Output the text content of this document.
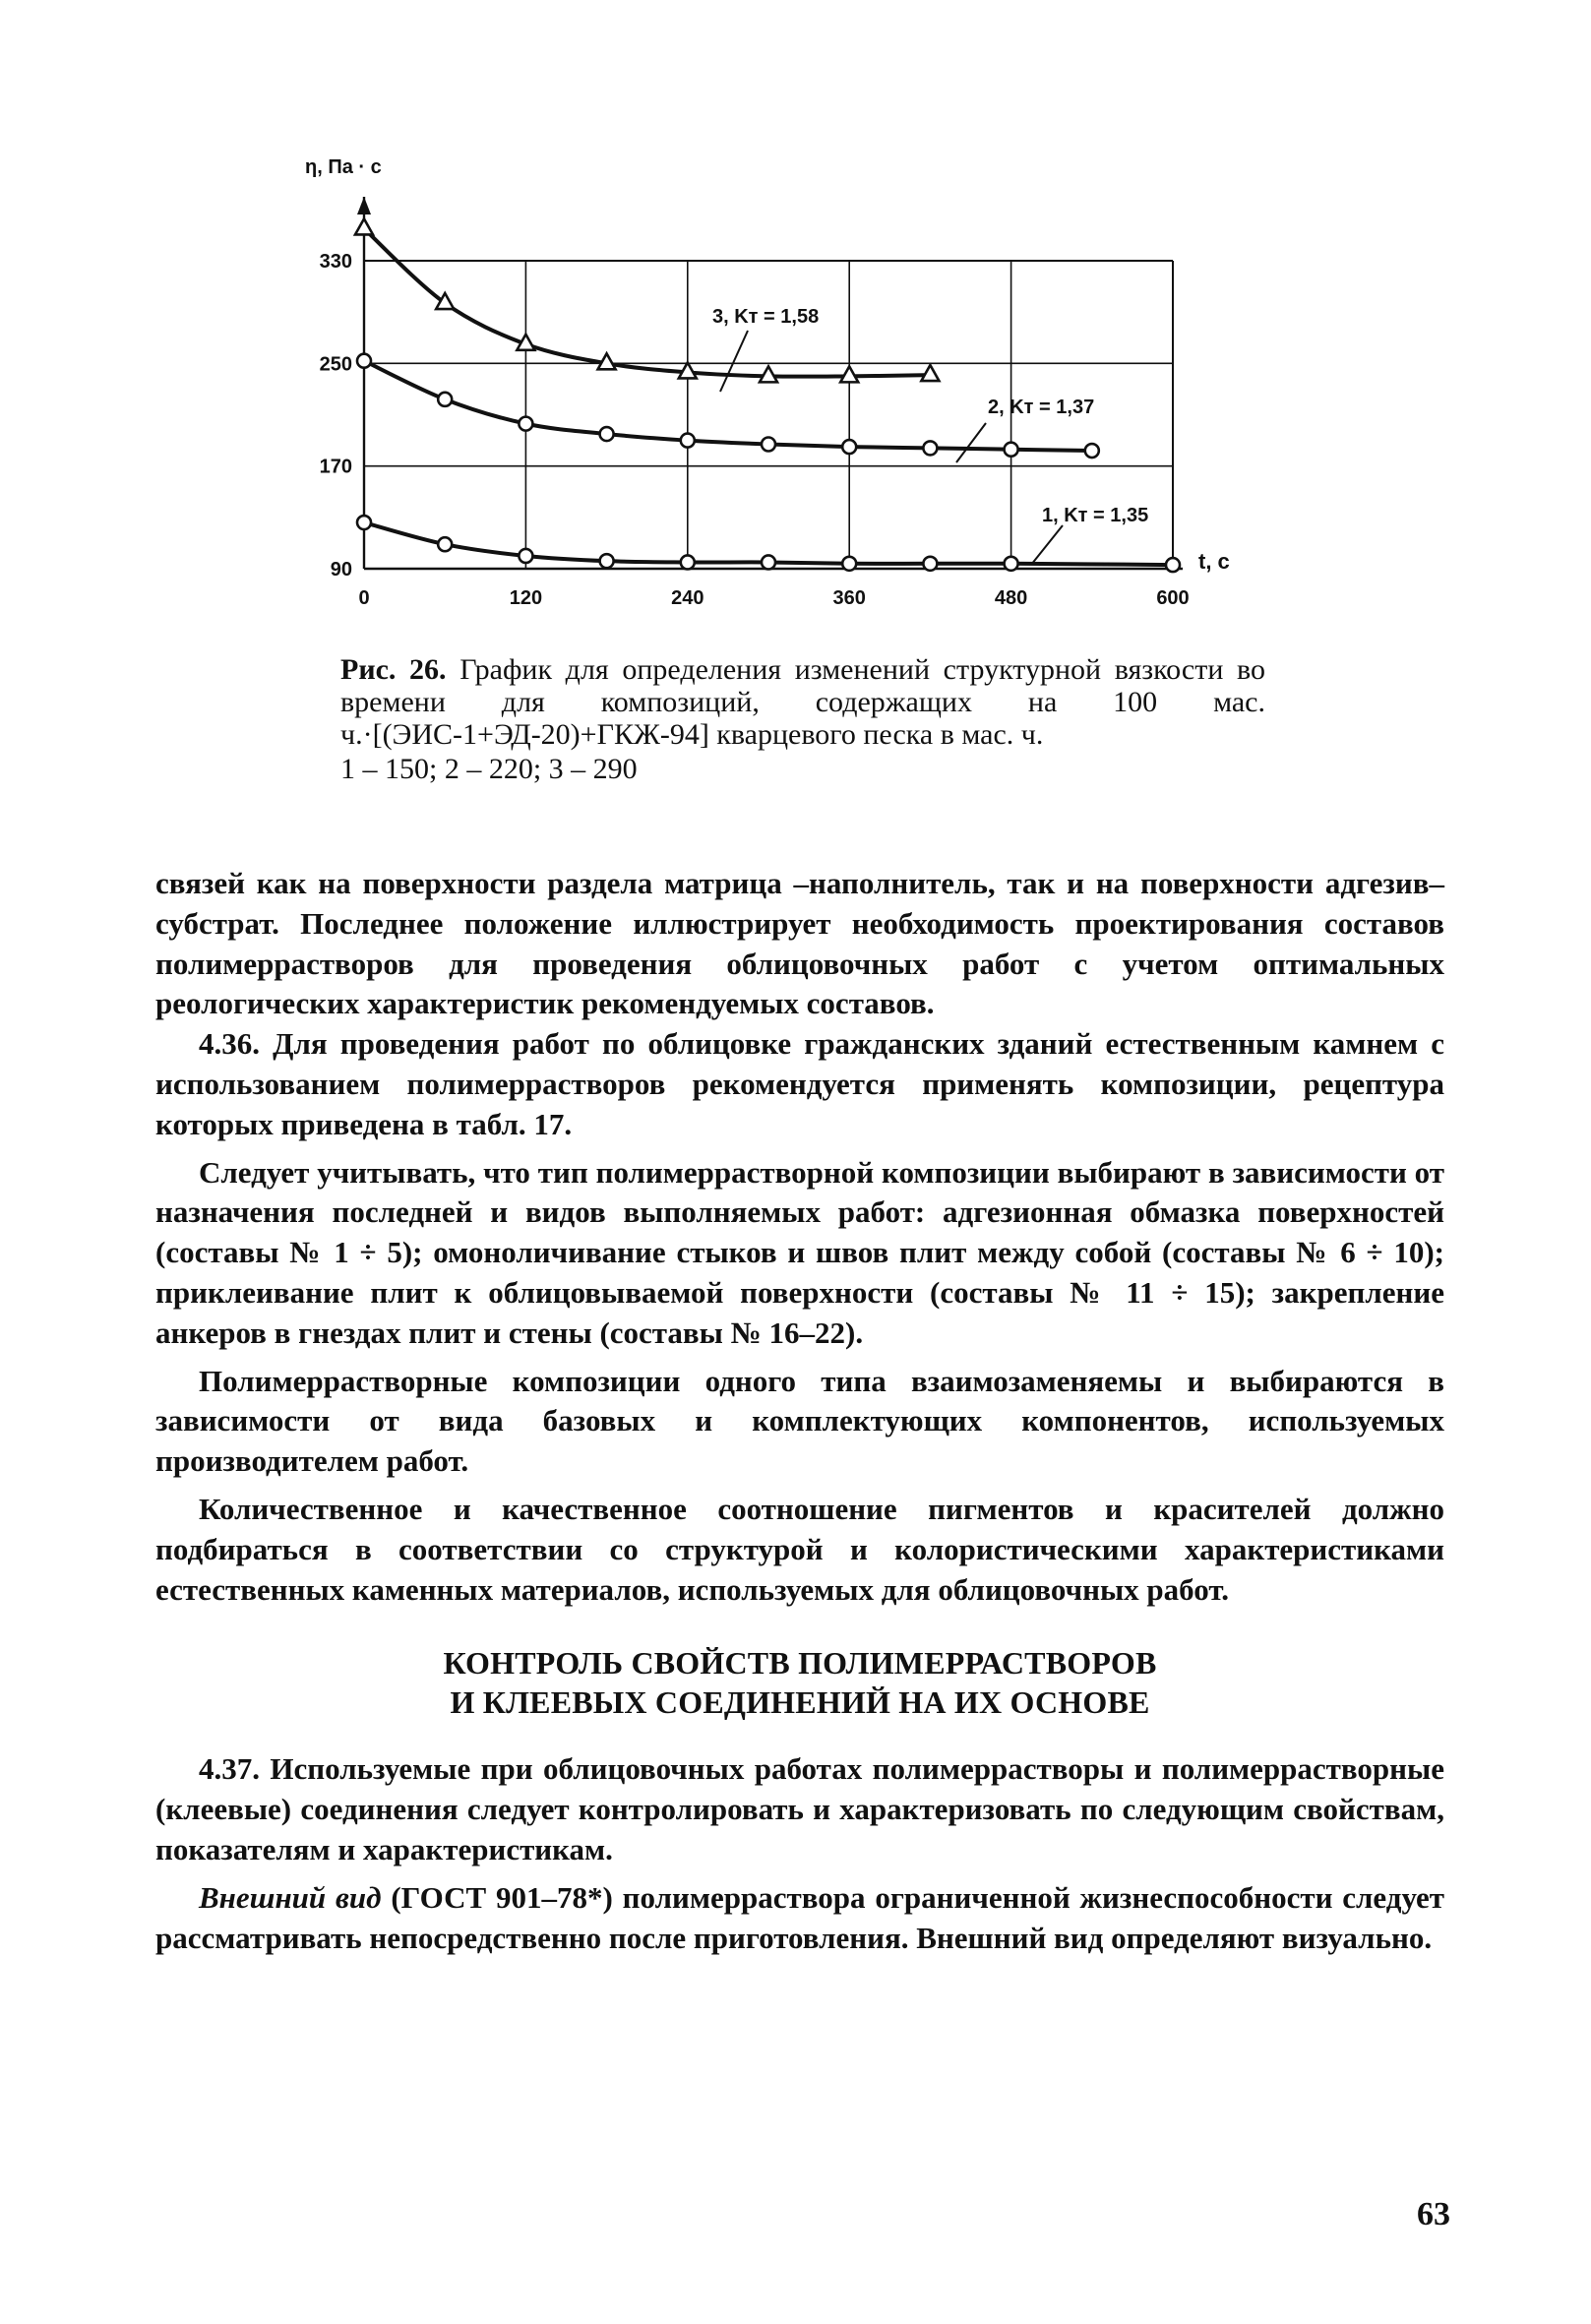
330
250
170
90
0	120	240	360	480	600
1, Kт = 1,35
2, Kт = 1,37
3, Kт = 1,58
η, Па · с
t, c
Рис. 26. График для определения изменений структурной вязкости во времени для композиций, содержащих на 100 мас. ч.·[(ЭИС-1+ЭД-20)+ГКЖ-94] кварцевого песка в мас. ч.
1 – 150; 2 – 220; 3 – 290

связей как на поверхности раздела матрица –наполнитель, так и на поверхности адгезив–субстрат. Последнее положение иллюстрирует необходимость проектирования составов полимеррастворов для проведения облицовочных работ с учетом оптимальных реологических характеристик рекомендуемых составов.

4.36. Для проведения работ по облицовке гражданских зданий естественным камнем с использованием полимеррастворов рекомендуется применять композиции, рецептура которых приведена в табл. 17.

Следует учитывать, что тип полимеррастворной композиции выбирают в зависимости от назначения последней и видов выполняемых работ: адгезионная обмазка поверхностей (составы № 1 ÷ 5); омоноличивание стыков и швов плит между собой (составы № 6 ÷ 10); приклеивание плит к облицовываемой поверхности (составы № 11 ÷ 15); закрепление анкеров в гнездах плит и стены (составы № 16–22).

Полимеррастворные композиции одного типа взаимозаменяемы и выбираются в зависимости от вида базовых и комплектующих компонентов, используемых производителем работ.

Количественное и качественное соотношение пигментов и красителей должно подбираться в соответствии со структурой и колористическими характеристиками естественных каменных материалов, используемых для облицовочных работ.

КОНТРОЛЬ СВОЙСТВ ПОЛИМЕРРАСТВОРОВ
И КЛЕЕВЫХ СОЕДИНЕНИЙ НА ИХ ОСНОВЕ

4.37. Используемые при облицовочных работах полимеррастворы и полимеррастворные (клеевые) соединения следует контролировать и характеризовать по следующим свойствам, показателям и характеристикам.

Внешний вид (ГОСТ 901–78*) полимерраствора ограниченной жизнеспособности следует рассматривать непосредственно после приготовления. Внешний вид определяют визуально.

63
